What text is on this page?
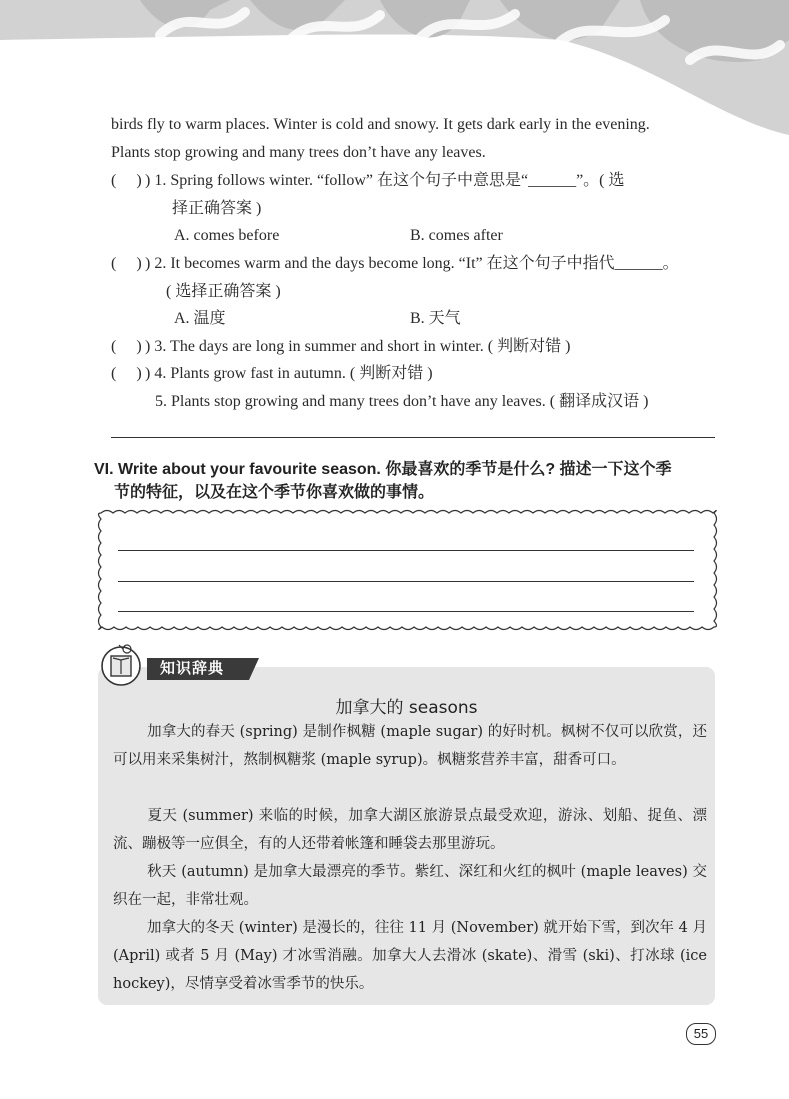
birds fly to warm places. Winter is cold and snowy. It gets dark early in the evening.
Plants stop growing and many trees don’t have any leaves.
(  ) ) 1. Spring follows winter. “follow” 在这个句子中意思是“______”。( 选
择正确答案 )
A. comes before	B. comes after
(  ) ) 2. It becomes warm and the days become long. “It” 在这个句子中指代______。
( 选择正确答案 )
A. 温度	B. 天气
(  ) ) 3. The days are long in summer and short in winter. ( 判断对错 )
(  ) ) 4. Plants grow fast in autumn. ( 判断对错 )
5. Plants stop growing and many trees don’t have any leaves. ( 翻译成汉语 )
VI. Write about your favourite season. 你最喜欢的季节是什么? 描述一下这个季
节的特征，以及在这个季节你喜欢做的事情。
知识辞典
加拿大的 seasons
加拿大的春天 (spring) 是制作枫糖 (maple sugar) 的好时机。枫树不仅可以欣赏，还可以用来采集树汁，熬制枫糖浆 (maple syrup)。枫糖浆营养丰富，甜香可口。
夏天 (summer) 来临的时候，加拿大湖区旅游景点最受欢迎，游泳、划船、捉鱼、漂流、蹦极等一应俱全，有的人还带着帐篷和睡袋去那里游玩。
秋天 (autumn) 是加拿大最漂亮的季节。紫红、深红和火红的枫叶 (maple leaves) 交织在一起，非常壮观。
加拿大的冬天 (winter) 是漫长的，往往 11 月 (November) 就开始下雪，到次年 4 月 (April) 或者 5 月 (May) 才冰雪消融。加拿大人去滑冰 (skate)、滑雪 (ski)、打冰球 (ice hockey)，尽情享受着冰雪季节的快乐。
55
